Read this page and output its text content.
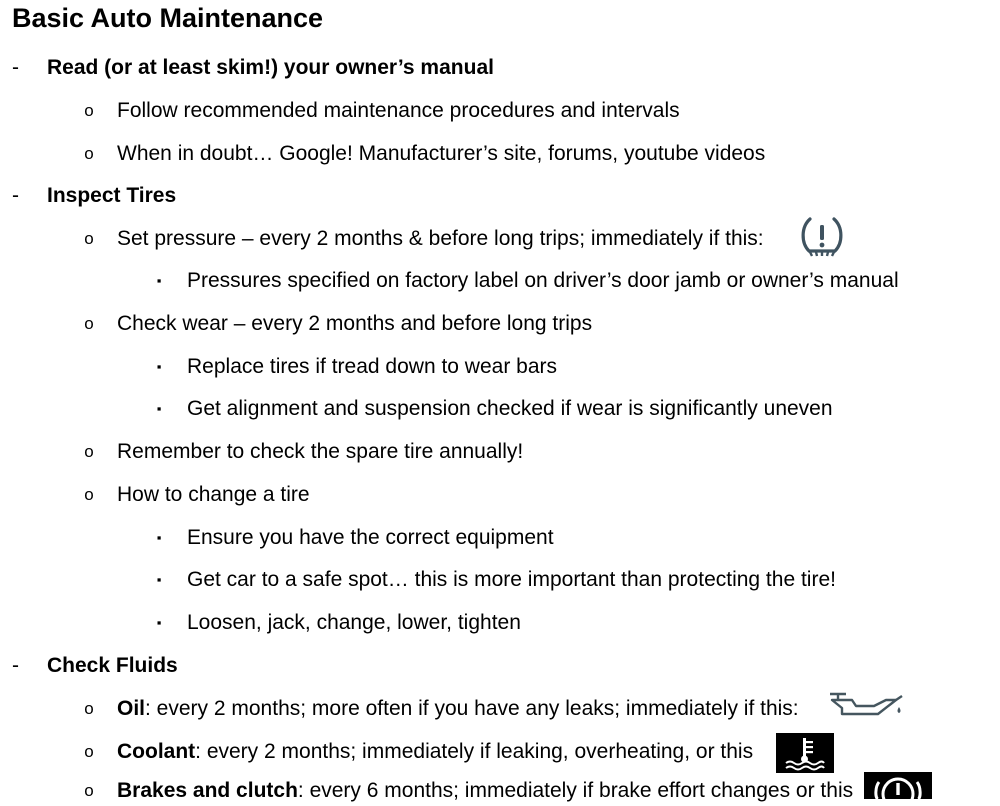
Basic Auto Maintenance
- Read (or at least skim!) your owner’s manual
o Follow recommended maintenance procedures and intervals
o When in doubt… Google! Manufacturer’s site, forums, youtube videos
- Inspect Tires
o Set pressure – every 2 months & before long trips; immediately if this:
▪ Pressures specified on factory label on driver’s door jamb or owner’s manual
o Check wear – every 2 months and before long trips
▪ Replace tires if tread down to wear bars
▪ Get alignment and suspension checked if wear is significantly uneven
o Remember to check the spare tire annually!
o How to change a tire
▪ Ensure you have the correct equipment
▪ Get car to a safe spot… this is more important than protecting the tire!
▪ Loosen, jack, change, lower, tighten
- Check Fluids
o Oil: every 2 months; more often if you have any leaks; immediately if this:
o Coolant: every 2 months; immediately if leaking, overheating, or this
o Brakes and clutch: every 6 months; immediately if brake effort changes or this
